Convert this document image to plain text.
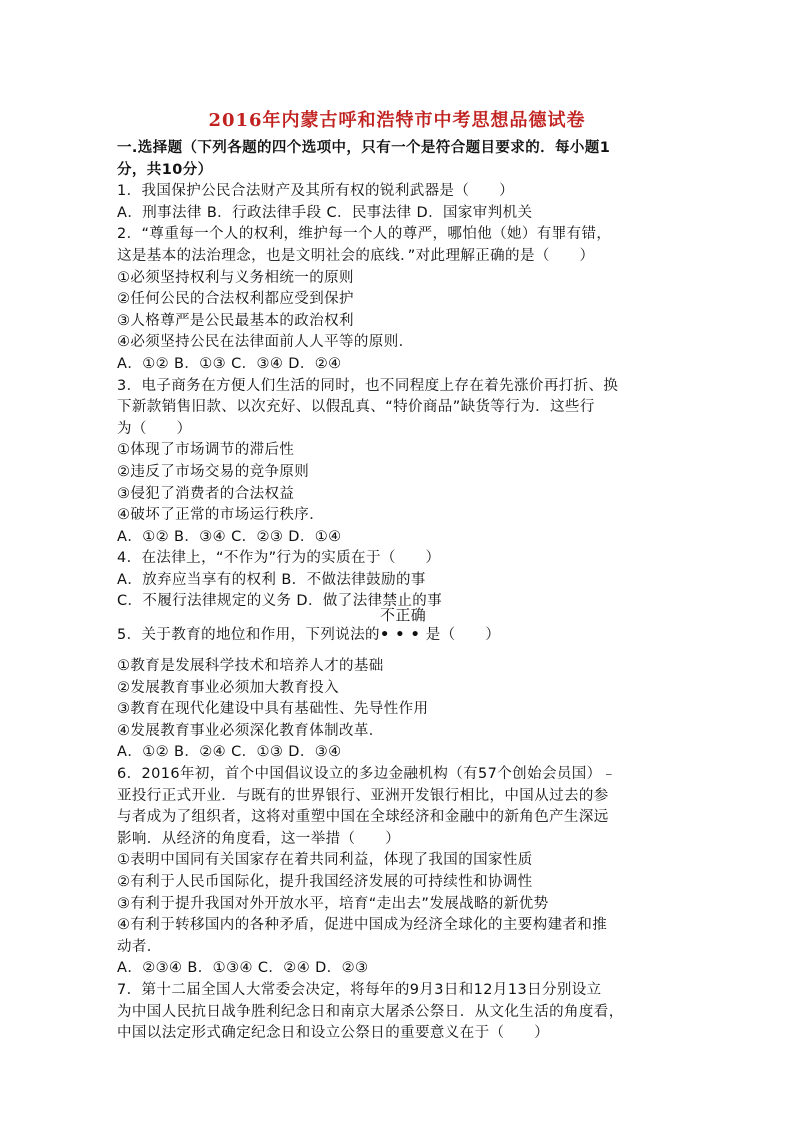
2016年内蒙古呼和浩特市中考思想品德试卷
一.选择题（下列各题的四个选项中，只有一个是符合题目要求的．每小题1
分，共10分）
1．我国保护公民合法财产及其所有权的锐利武器是（　　）
A．刑事法律 B．行政法律手段 C．民事法律 D．国家审判机关
2．“尊重每一个人的权利，维护每一个人的尊严，哪怕他（她）有罪有错，
这是基本的法治理念，也是文明社会的底线．”对此理解正确的是（　　）
①必须坚持权利与义务相统一的原则
②任何公民的合法权利都应受到保护
③人格尊严是公民最基本的政治权利
④必须坚持公民在法律面前人人平等的原则．
A．①② B．①③ C．③④ D．②④
3．电子商务在方便人们生活的同时，也不同程度上存在着先涨价再打折、换
下新款销售旧款、以次充好、以假乱真、“特价商品”缺货等行为．这些行
为（　　）
①体现了市场调节的滞后性
②违反了市场交易的竞争原则
③侵犯了消费者的合法权益
④破坏了正常的市场运行秩序．
A．①② B．③④ C．②③ D．①④
4．在法律上，“不作为”行为的实质在于（　　）
A．放弃应当享有的权利 B．不做法律鼓励的事
C．不履行法律规定的义务 D．做了法律禁止的事
5．关于教育的地位和作用，下列说法的
不正确
•••是（　　）
①教育是发展科学技术和培养人才的基础
②发展教育事业必须加大教育投入
③教育在现代化建设中具有基础性、先导性作用
④发展教育事业必须深化教育体制改革．
A．①② B．②④ C．①③ D．③④
6．2016年初，首个中国倡议设立的多边金融机构（有57个创始会员国）﹣
亚投行正式开业．与既有的世界银行、亚洲开发银行相比，中国从过去的参
与者成为了组织者，这将对重塑中国在全球经济和金融中的新角色产生深远
影响．从经济的角度看，这一举措（　　）
①表明中国同有关国家存在着共同利益，体现了我国的国家性质
②有利于人民币国际化，提升我国经济发展的可持续性和协调性
③有利于提升我国对外开放水平，培育“走出去”发展战略的新优势
④有利于转移国内的各种矛盾，促进中国成为经济全球化的主要构建者和推
动者．
A．②③④ B．①③④ C．②④ D．②③
7．第十二届全国人大常委会决定，将每年的9月3日和12月13日分别设立
为中国人民抗日战争胜利纪念日和南京大屠杀公祭日．从文化生活的角度看，
中国以法定形式确定纪念日和设立公祭日的重要意义在于（　　）
